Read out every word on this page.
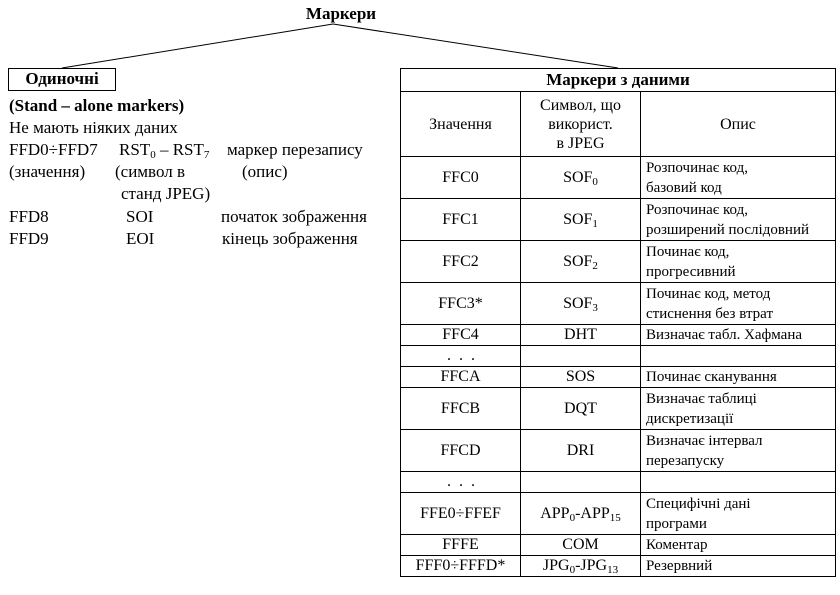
Маркери
Одиночні
(Stand – alone markers)
Не мають ніяких даних
FFD0÷FFD7 $RST_0 - RST_7$ маркер перезапису
(значення) (символ в	(опис)
станд JPEG)
FFD8	SOI	початок зображення
FFD9	EOI	кінець зображення
Маркери з даними		
Значення	Символ, що
використ.
в JPEG	Опис
FFC0	$SOF_0$	Розпочинає код,
базовий код
FFC1	$SOF_1$	Розпочинає код,
розширений послідовний
FFC2	$SOF_2$	Починає код,
прогресивний
FFC3*	$SOF_3$	Починає код, метод
стиснення без втрат
FFC4	DHT	Визначає табл. Хафмана
. . .		
FFCA	SOS	Починає сканування
FFCB	DQT	Визначає таблиці
дискретизації
FFCD	DRI	Визначає інтервал
перезапуску
. . .		
FFE0÷FFEF	$APP_0-APP_{15}$	Специфічні дані
програми
FFFE	COM	Коментар
FFF0÷FFFD*	$JPG_0-JPG_{13}$	Резервний
